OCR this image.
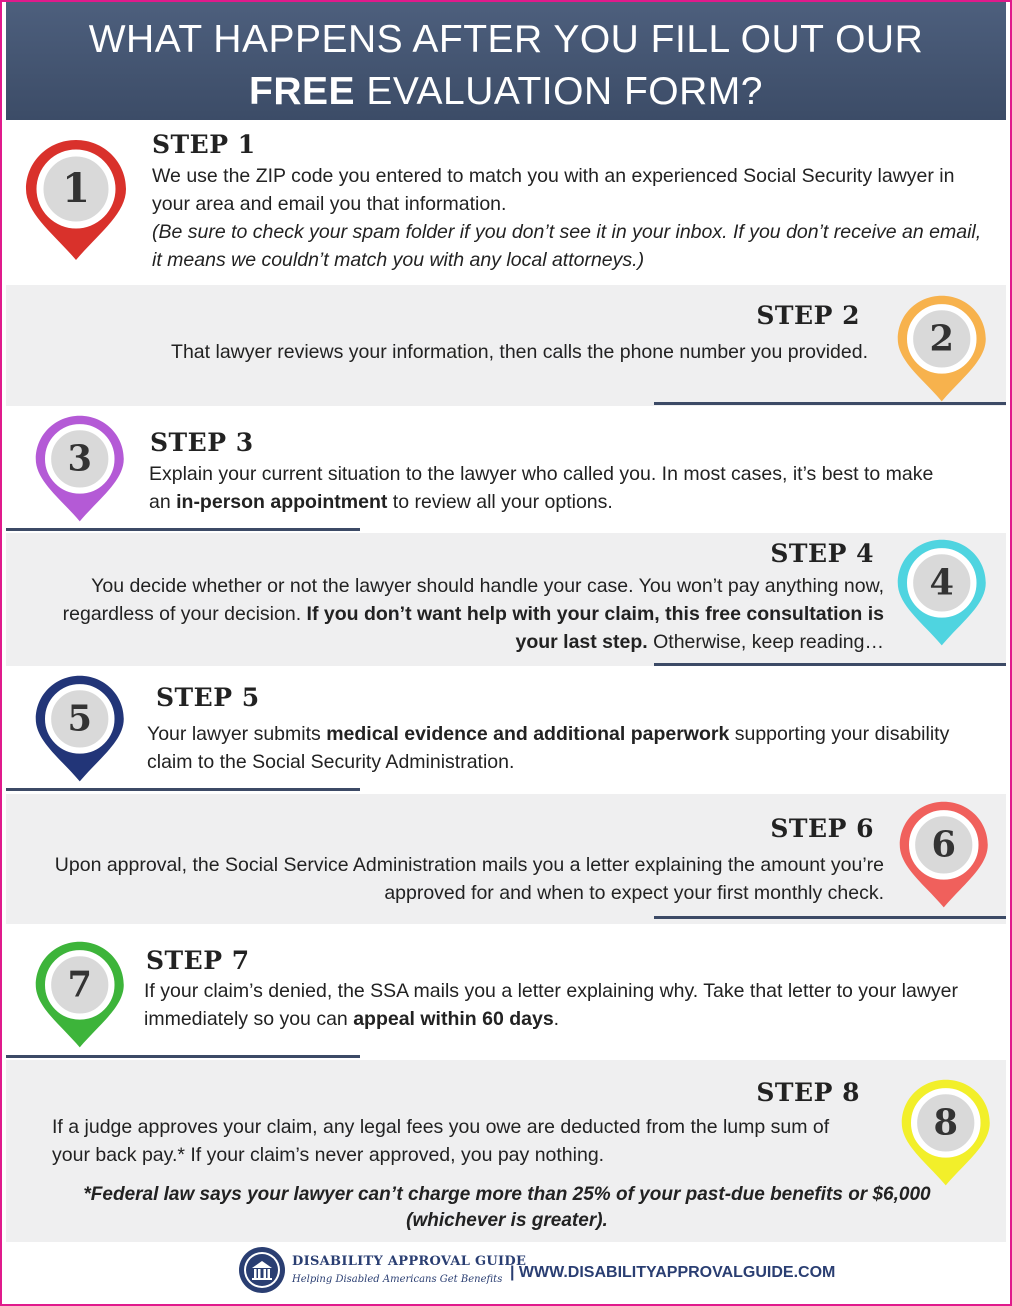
WHAT HAPPENS AFTER YOU FILL OUT OUR
FREE EVALUATION FORM?
1
STEP 1
We use the ZIP code you entered to match you with an experienced Social Security lawyer in your area and email you that information.
(Be sure to check your spam folder if you don’t see it in your inbox. If you don’t receive an email, it means we couldn’t match you with any local attorneys.)
2
STEP 2
That lawyer reviews your information, then calls the phone number you provided.
3	STEP 3
Explain your current situation to the lawyer who called you. In most cases, it’s best to make an in-person appointment to review all your options.
4
STEP 4
You decide whether or not the lawyer should handle your case. You won’t pay anything now, regardless of your decision. If you don’t want help with your claim, this free consultation is your last step. Otherwise, keep reading…
5	STEP 5
Your lawyer submits medical evidence and additional paperwork supporting your disability claim to the Social Security Administration.
6
STEP 6
Upon approval, the Social Service Administration mails you a letter explaining the amount you’re approved for and when to expect your first monthly check.
7
STEP 7
If your claim’s denied, the SSA mails you a letter explaining why. Take that letter to your lawyer immediately so you can appeal within 60 days.
8
STEP 8
If a judge approves your claim, any legal fees you owe are deducted from the lump sum of your back pay.* If your claim’s never approved, you pay nothing.
*Federal law says your lawyer can’t charge more than 25% of your past-due benefits or $6,000 (whichever is greater).
DISABILITY APPROVAL GUIDE
Helping Disabled Americans Get Benefits | WWW.DISABILITYAPPROVALGUIDE.COM
